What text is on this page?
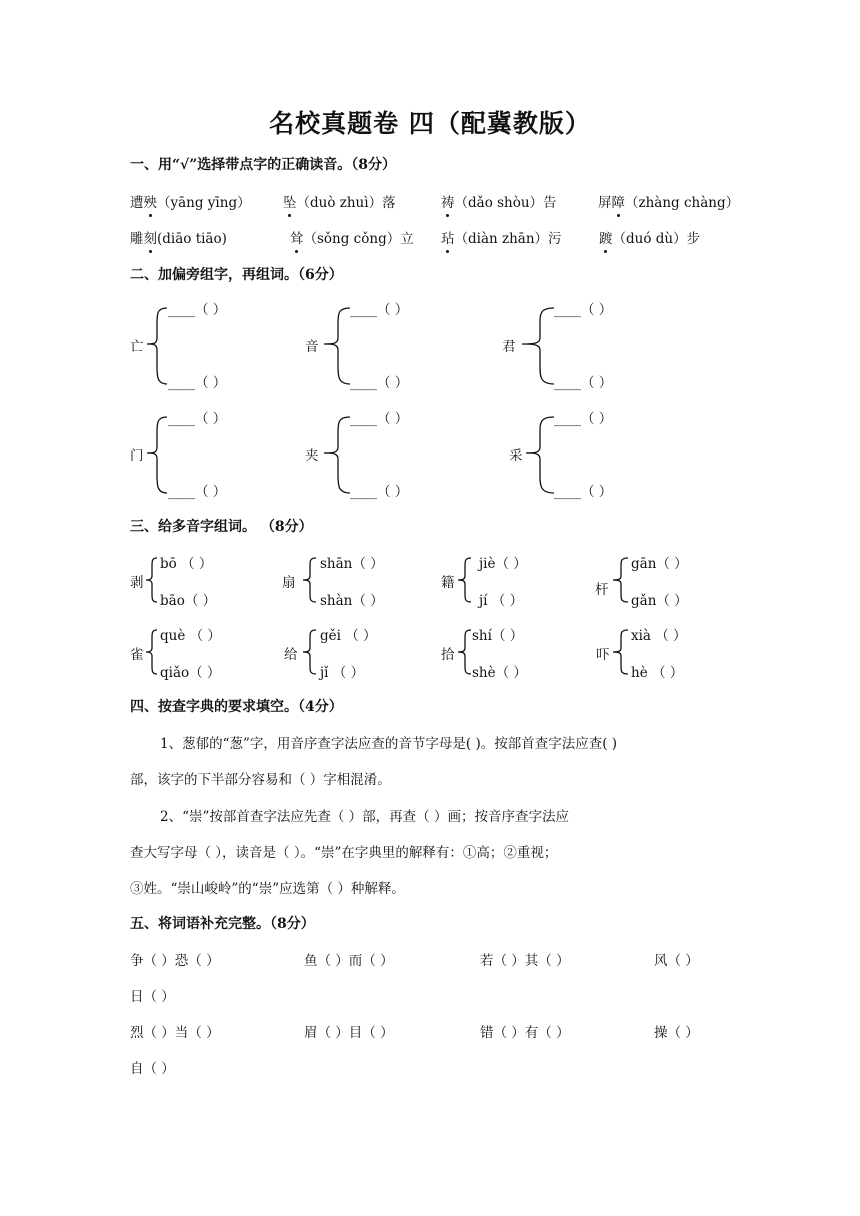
名校真题卷 四（配冀教版）
一、用“√”选择带点字的正确读音。（8分）
遭殃（yāng yīng） 坠（duò zhuì）落	祷（dǎo shòu）告	屏障（zhàng chàng）
雕刻(diāo tiāo)	耸（sǒng cǒng）立 玷（diàn zhān）污	踱（duó dù）步
二、加偏旁组字，再组词。（6分）
亡
____（ ）
____（ ）
音
____（ ）
____（ ）
君
____（ ）
____（ ）
门
____（ ）
____（ ）
夹
____（ ）
____（ ）
采
____（ ）
____（ ）
三、给多音字组词。 （8分）
剥
bō （ ）
bāo（ ）
扇
shān（ ）
shàn（ ）
籍
jiè（ ）
jí （ ）
杆
gān（ ）
gǎn（ ）
雀
què （ ）
qiǎo（ ）
给
gěi （ ）
jǐ （ ）
拾
shí（ ）
shè（ ）
吓
xià （ ）
hè （ ）
四、按查字典的要求填空。（4分）
1、葱郁的“葱”字，用音序查字法应查的音节字母是( )。按部首查字法应查( )
部，该字的下半部分容易和（ ）字相混淆。
2、“崇”按部首查字法应先查（ ）部，再查（ ）画；按音序查字法应
查大写字母（ ），读音是（ ）。“崇”在字典里的解释有：①高；②重视；
③姓。“崇山峻岭”的“崇”应选第（ ）种解释。
五、将词语补充完整。（8分）
争（ ）恐（ ）	鱼（ ）而（ ）	若（ ）其（ ）	风（ ）
日（ ）
烈（ ）当（ ）	眉（ ）目（ ）	错（ ）有（ ）	操（ ）
自（ ）
